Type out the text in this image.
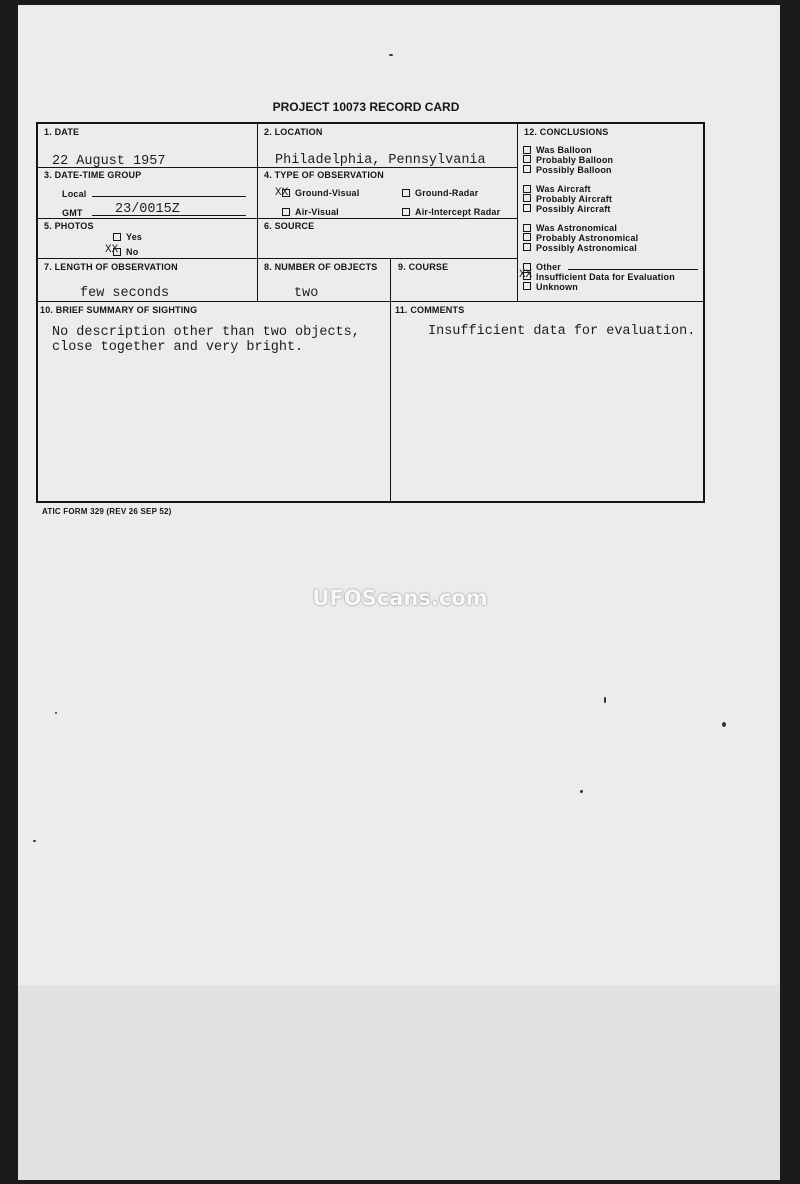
PROJECT 10073 RECORD CARD
1. DATE
22 August 1957
2. LOCATION
Philadelphia, Pennsylvania
3. DATE-TIME GROUP
Local
GMT 23/0015Z
4. TYPE OF OBSERVATION
Ground-Visual
XX	Ground-Radar
Air-Visual	Air-Intercept Radar
5. PHOTOS
Yes
No
XX
6. SOURCE
7. LENGTH OF OBSERVATION
few seconds
8. NUMBER OF OBJECTS
two
9. COURSE
10. BRIEF SUMMARY OF SIGHTING
No description other than two objects,
close together and very bright.
11. COMMENTS
Insufficient data for evaluation.
12. CONCLUSIONS
Was Balloon
Probably Balloon
Possibly Balloon
Was Aircraft
Probably Aircraft
Possibly Aircraft
Was Astronomical
Probably Astronomical
Possibly Astronomical
Other
Insufficient Data for Evaluation
Unknown
XX
ATIC FORM 329 (REV 26 SEP 52)
UFOScans.com
